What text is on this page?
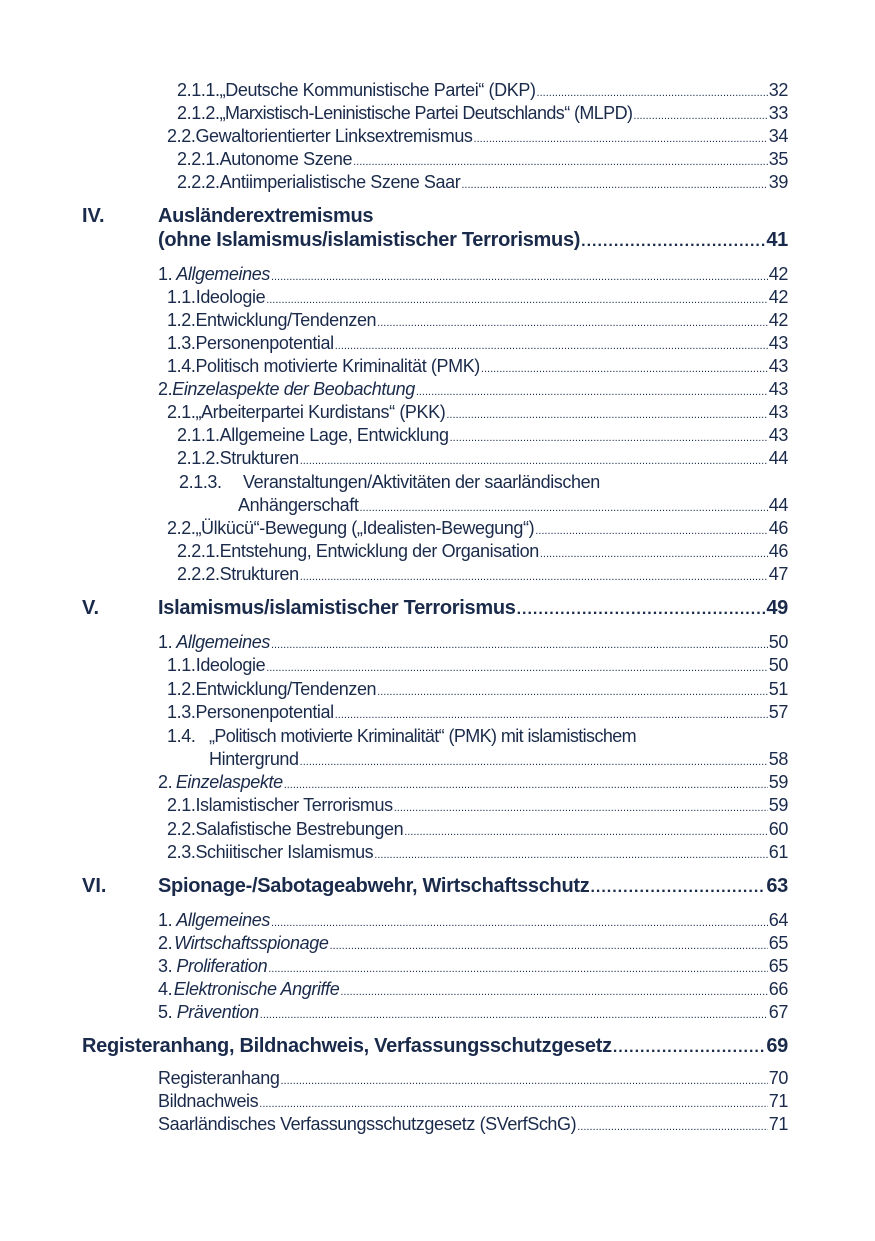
2.1.1. „Deutsche Kommunistische Partei“ (DKP) .....	32
2.1.2. „Marxistisch-Leninistische Partei Deutschlands“ (MLPD) .....	33
2.2. Gewaltorientierter Linksextremismus .....	34
2.2.1. Autonome Szene .....	35
2.2.2. Antiimperialistische Szene Saar .....	39
IV.	Ausländerextremismus
(ohne Islamismus/islamistischer Terrorismus) .....	41
1. Allgemeines .....	42
1.1. Ideologie .....	42
1.2. Entwicklung/Tendenzen .....	42
1.3. Personenpotential .....	43
1.4. Politisch motivierte Kriminalität (PMK) .....	43
2. Einzelaspekte der Beobachtung .....	43
2.1. „Arbeiterpartei Kurdistans“ (PKK) .....	43
2.1.1. Allgemeine Lage, Entwicklung .....	43
2.1.2. Strukturen .....	44
2.1.3. Veranstaltungen/Aktivitäten der saarländischen
Anhängerschaft .....	44
2.2. „Ülkücü“-Bewegung („Idealisten-Bewegung“) .....	46
2.2.1. Entstehung, Entwicklung der Organisation .....	46
2.2.2. Strukturen .....	47
V.	Islamismus/islamistischer Terrorismus .....	49
1. Allgemeines .....	50
1.1. Ideologie .....	50
1.2. Entwicklung/Tendenzen .....	51
1.3. Personenpotential .....	57
1.4. „Politisch motivierte Kriminalität“ (PMK) mit islamistischem
Hintergrund .....	58
2. Einzelaspekte .....	59
2.1. Islamistischer Terrorismus .....	59
2.2. Salafistische Bestrebungen .....	60
2.3. Schiitischer Islamismus .....	61
VI.	Spionage-/Sabotageabwehr, Wirtschaftsschutz .....	63
1. Allgemeines .....	64
2. Wirtschaftsspionage .....	65
3. Proliferation .....	65
4. Elektronische Angriffe .....	66
5. Prävention .....	67
Registeranhang, Bildnachweis, Verfassungsschutzgesetz .....	69
Registeranhang .....	70
Bildnachweis .....	71
Saarländisches Verfassungsschutzgesetz (SVerfSchG) .....	71
